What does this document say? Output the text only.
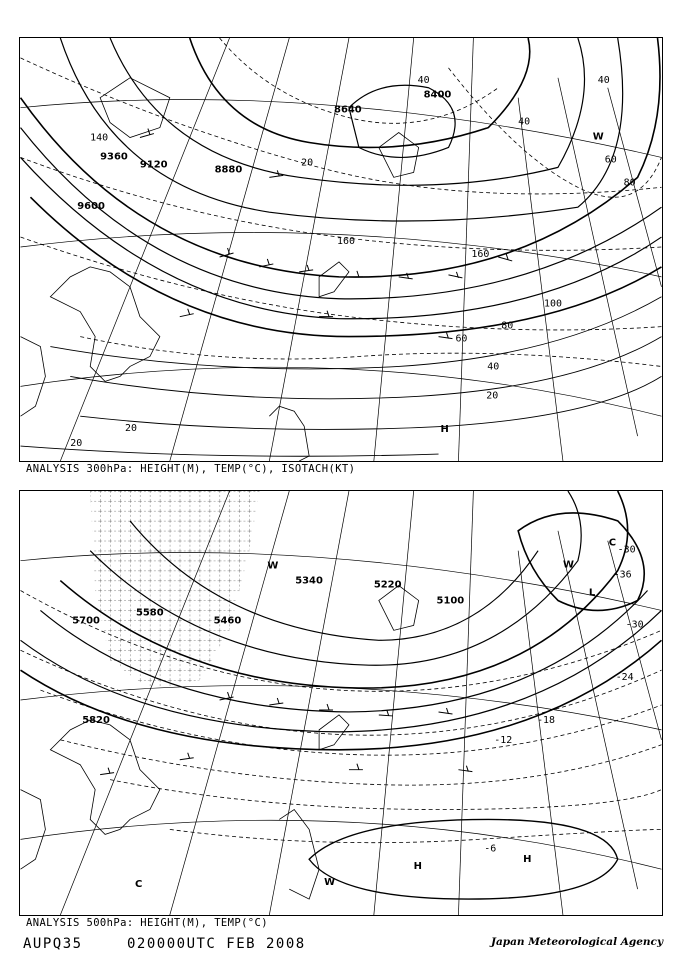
9360
9120	8880
8400
8640
9600
140
160
160
100
80
60
40
20
20
20
40
60
80
40
20
40
H
W
ANALYSIS 300hPa: HEIGHT(M), TEMP(°C), ISOTACH(KT)
5700
5820
5580
5460
5340	5220
5100
-36
-30
-24
-18
-12
-6
-30
L
W
W
C
C
H
H
W
ANALYSIS 500hPa: HEIGHT(M), TEMP(°C)
AUPQ35	020000UTC FEB 2008	Japan Meteorological Agency
